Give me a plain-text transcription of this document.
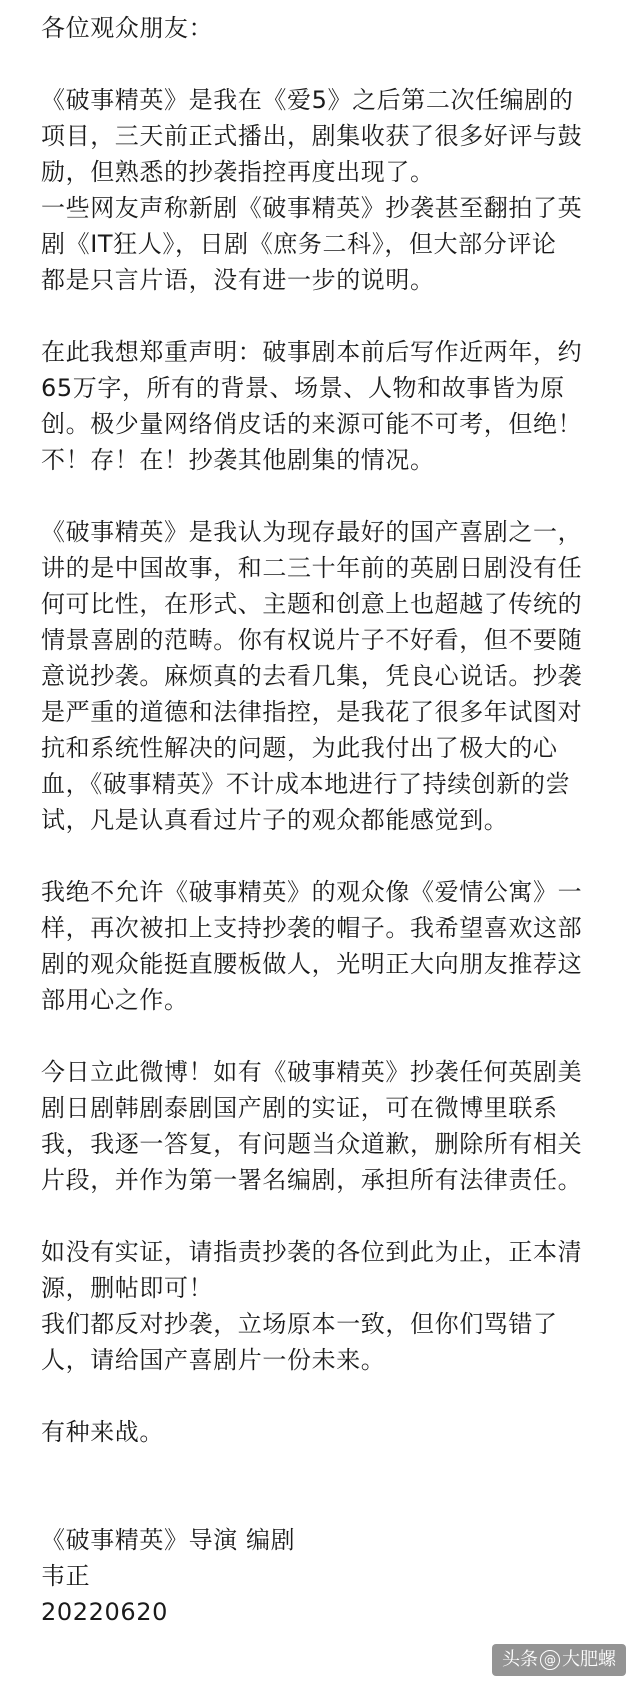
各位观众朋友：
《破事精英》是我在《爱5》之后第二次任编剧的
项目，三天前正式播出，剧集收获了很多好评与鼓
励，但熟悉的抄袭指控再度出现了。
一些网友声称新剧《破事精英》抄袭甚至翻拍了英
剧《IT狂人》，日剧《庶务二科》，但大部分评论
都是只言片语，没有进一步的说明。
在此我想郑重声明：破事剧本前后写作近两年，约
65万字，所有的背景、场景、人物和故事皆为原
创。极少量网络俏皮话的来源可能不可考，但绝！
不！存！在！抄袭其他剧集的情况。
《破事精英》是我认为现存最好的国产喜剧之一，
讲的是中国故事，和二三十年前的英剧日剧没有任
何可比性，在形式、主题和创意上也超越了传统的
情景喜剧的范畴。你有权说片子不好看，但不要随
意说抄袭。麻烦真的去看几集，凭良心说话。抄袭
是严重的道德和法律指控，是我花了很多年试图对
抗和系统性解决的问题，为此我付出了极大的心
血，《破事精英》不计成本地进行了持续创新的尝
试，凡是认真看过片子的观众都能感觉到。
我绝不允许《破事精英》的观众像《爱情公寓》一
样，再次被扣上支持抄袭的帽子。我希望喜欢这部
剧的观众能挺直腰板做人，光明正大向朋友推荐这
部用心之作。
今日立此微博！如有《破事精英》抄袭任何英剧美
剧日剧韩剧泰剧国产剧的实证，可在微博里联系
我，我逐一答复，有问题当众道歉，删除所有相关
片段，并作为第一署名编剧，承担所有法律责任。
如没有实证，请指责抄袭的各位到此为止，正本清
源，删帖即可！
我们都反对抄袭，立场原本一致，但你们骂错了
人，请给国产喜剧片一份未来。
有种来战。
《破事精英》导演 编剧
韦正
20220620
头条 @ 大肥螺
